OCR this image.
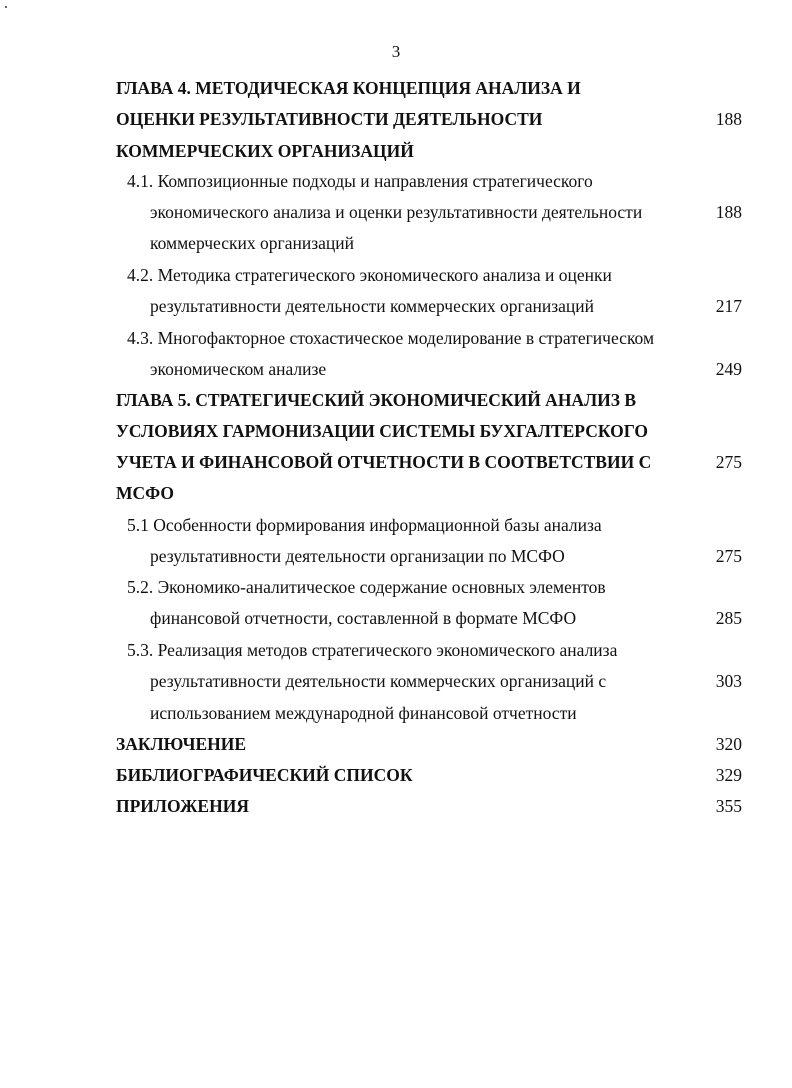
3
ГЛАВА 4. МЕТОДИЧЕСКАЯ КОНЦЕПЦИЯ АНАЛИЗА И
ОЦЕНКИ РЕЗУЛЬТАТИВНОСТИ ДЕЯТЕЛЬНОСТИ
КОММЕРЧЕСКИХ ОРГАНИЗАЦИЙ
188
4.1. Композиционные подходы и направления стратегического
экономического анализа и оценки результативности деятельности
коммерческих организаций
188
4.2. Методика стратегического экономического анализа и оценки
результативности деятельности коммерческих организаций	217
4.3. Многофакторное стохастическое моделирование в стратегическом
экономическом анализе	249
ГЛАВА 5. СТРАТЕГИЧЕСКИЙ ЭКОНОМИЧЕСКИЙ АНАЛИЗ В
УСЛОВИЯХ ГАРМОНИЗАЦИИ СИСТЕМЫ БУХГАЛТЕРСКОГО
УЧЕТА И ФИНАНСОВОЙ ОТЧЕТНОСТИ В СООТВЕТСТВИИ С
МСФО
275
5.1 Особенности формирования информационной базы анализа
результативности деятельности организации по МСФО	275
5.2. Экономико-аналитическое содержание основных элементов
финансовой отчетности, составленной в формате МСФО	285
5.3. Реализация методов стратегического экономического анализа
результативности деятельности коммерческих организаций с
использованием международной финансовой отчетности
303
ЗАКЛЮЧЕНИЕ	320
БИБЛИОГРАФИЧЕСКИЙ СПИСОК	329
ПРИЛОЖЕНИЯ	355
